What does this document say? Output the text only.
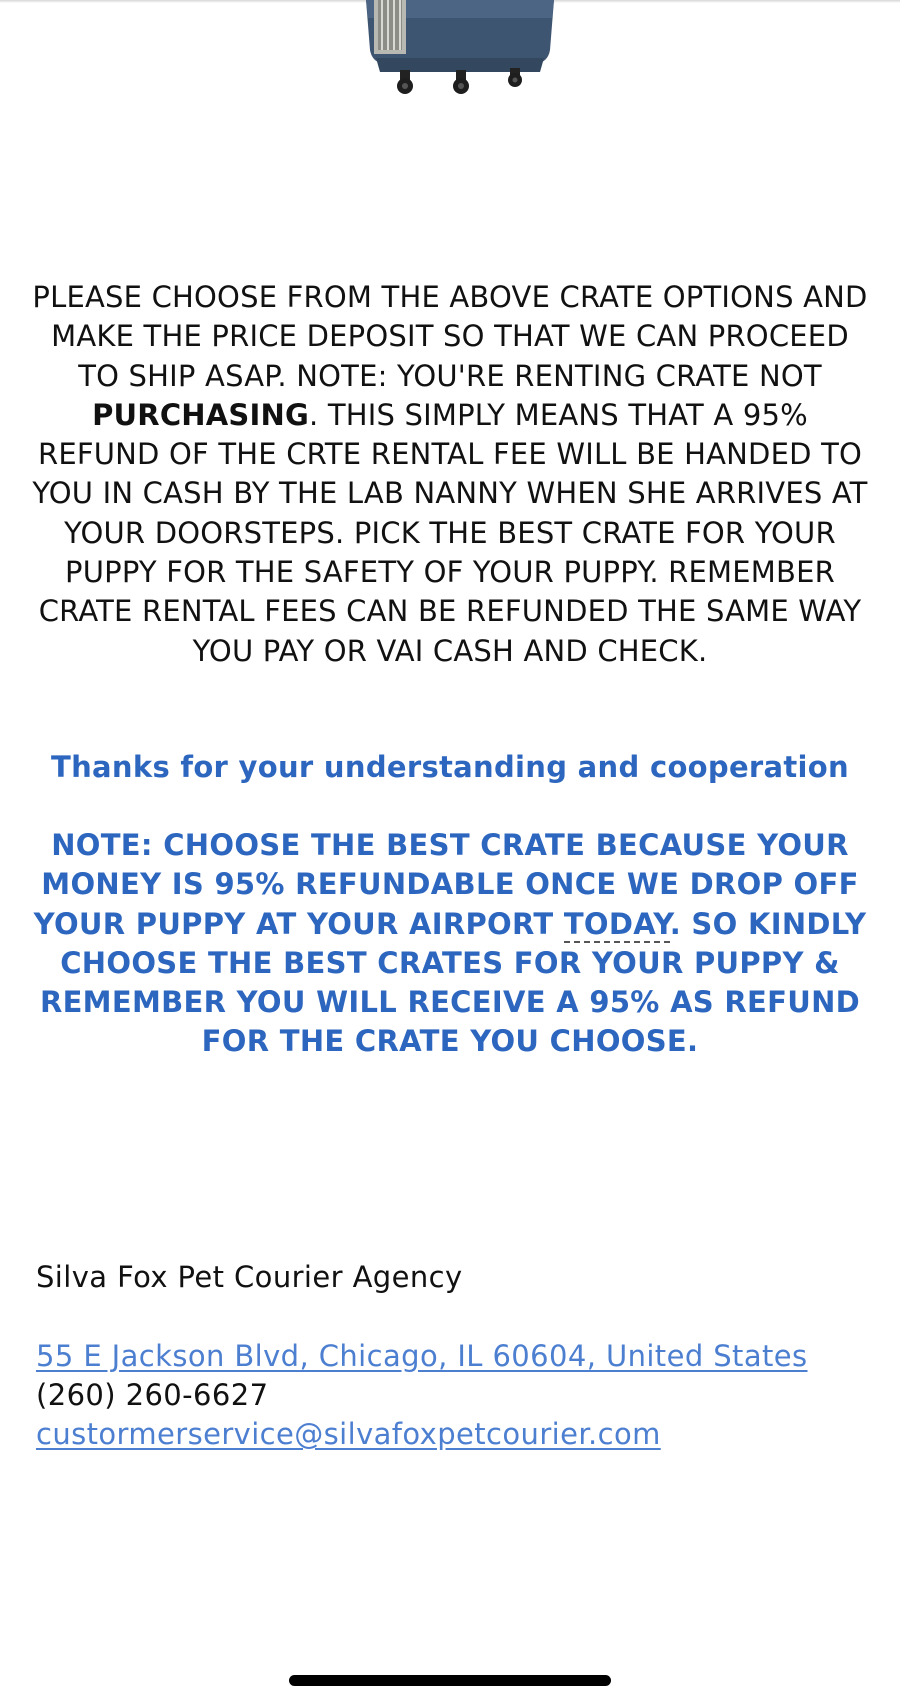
PLEASE CHOOSE FROM THE ABOVE CRATE OPTIONS AND MAKE THE PRICE DEPOSIT SO THAT WE CAN PROCEED TO SHIP ASAP. NOTE: YOU'RE RENTING CRATE NOT PURCHASING. THIS SIMPLY MEANS THAT A 95% REFUND OF THE CRTE RENTAL FEE WILL BE HANDED TO YOU IN CASH BY THE LAB NANNY WHEN SHE ARRIVES AT YOUR DOORSTEPS. PICK THE BEST CRATE FOR YOUR PUPPY FOR THE SAFETY OF YOUR PUPPY. REMEMBER CRATE RENTAL FEES CAN BE REFUNDED THE SAME WAY YOU PAY OR VAI CASH AND CHECK.
Thanks for your understanding and cooperation
NOTE: CHOOSE THE BEST CRATE BECAUSE YOUR MONEY IS 95% REFUNDABLE ONCE WE DROP OFF YOUR PUPPY AT YOUR AIRPORT TODAY. SO KINDLY CHOOSE THE BEST CRATES FOR YOUR PUPPY & REMEMBER YOU WILL RECEIVE A 95% AS REFUND FOR THE CRATE YOU CHOOSE.
Silva Fox Pet Courier Agency
55 E Jackson Blvd, Chicago, IL 60604, United States
(260) 260-6627
custormerservice@silvafoxpetcourier.com
